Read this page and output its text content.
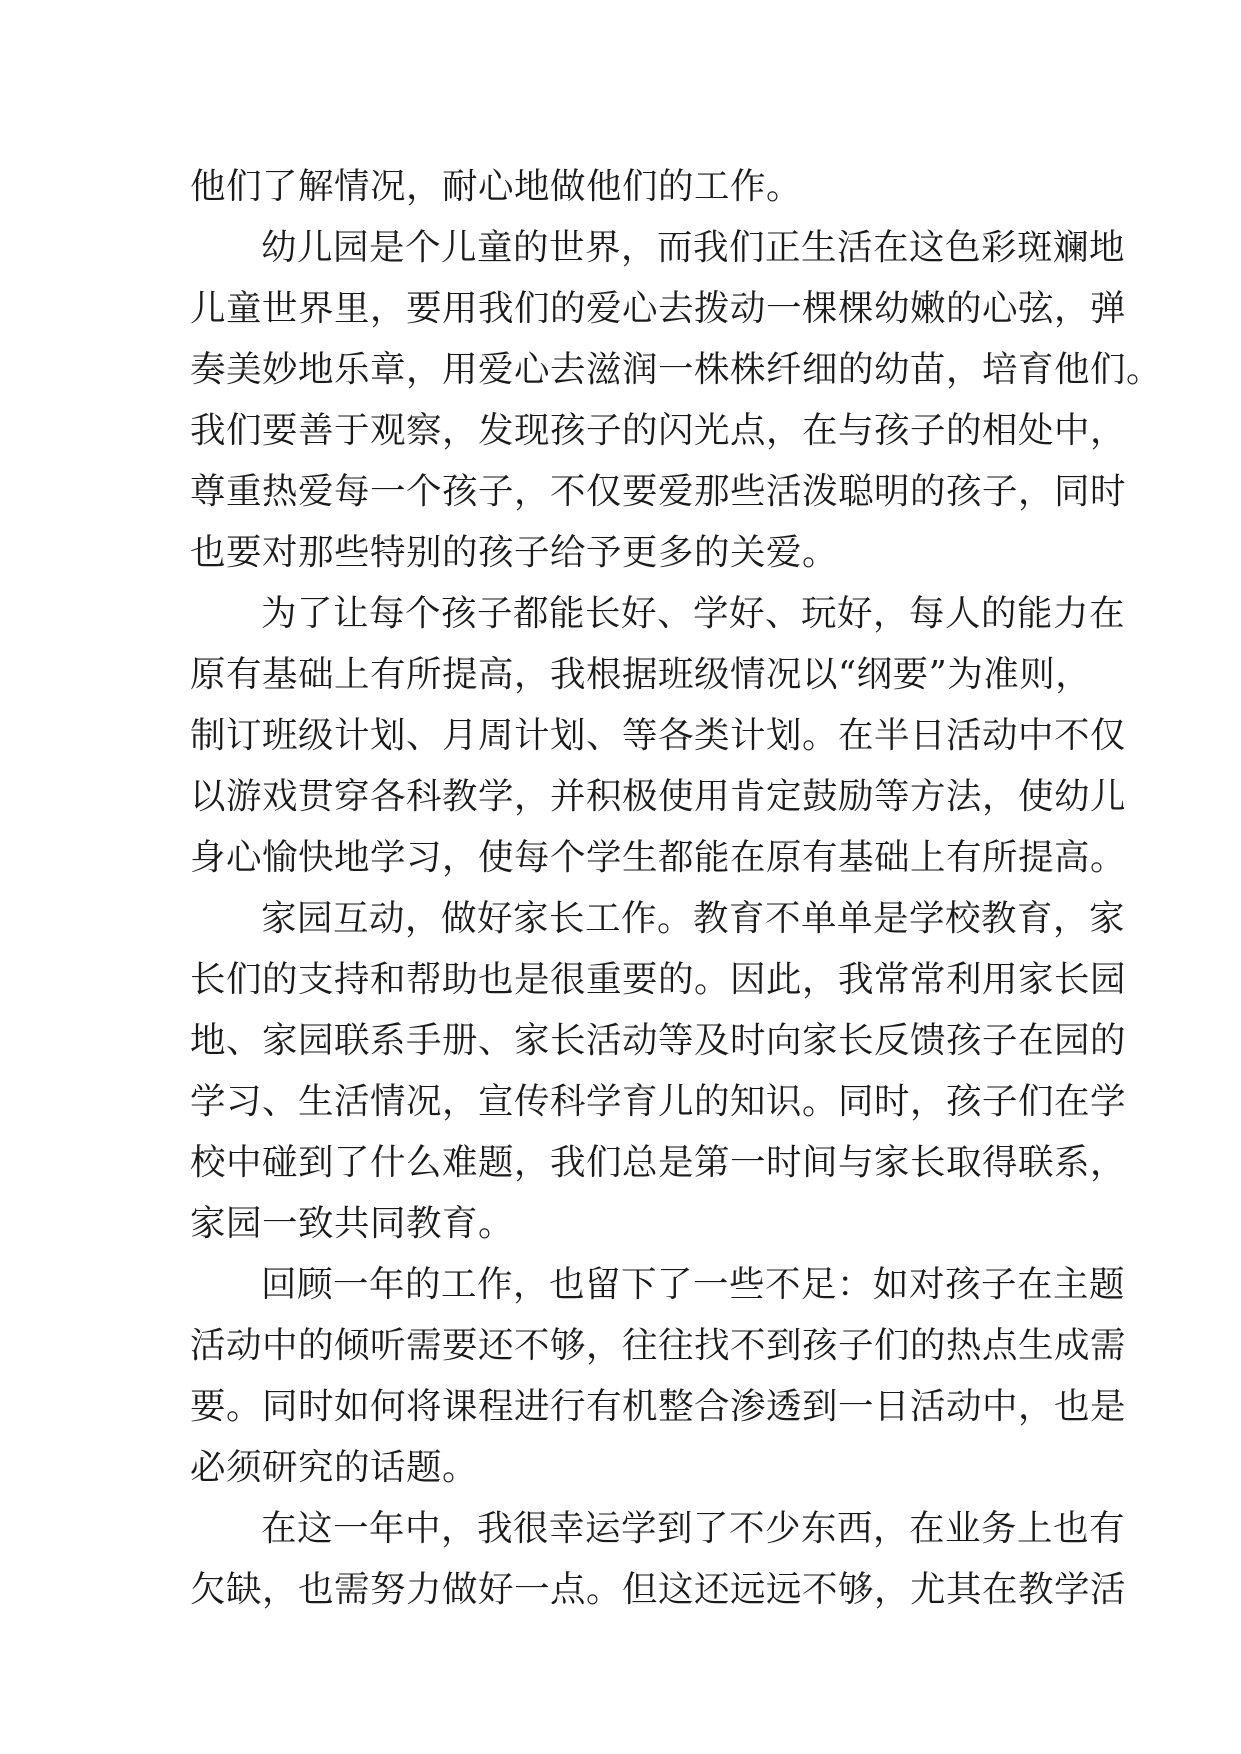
他们了解情况，耐心地做他们的工作。
幼儿园是个儿童的世界，而我们正生活在这色彩斑斓地
儿童世界里，要用我们的爱心去拨动一棵棵幼嫩的心弦，弹
奏美妙地乐章，用爱心去滋润一株株纤细的幼苗，培育他们。
我们要善于观察，发现孩子的闪光点，在与孩子的相处中，
尊重热爱每一个孩子，不仅要爱那些活泼聪明的孩子，同时
也要对那些特别的孩子给予更多的关爱。
为了让每个孩子都能长好、学好、玩好，每人的能力在
原有基础上有所提高，我根据班级情况以“纲要”为准则，
制订班级计划、月周计划、等各类计划。在半日活动中不仅
以游戏贯穿各科教学，并积极使用肯定鼓励等方法，使幼儿
身心愉快地学习，使每个学生都能在原有基础上有所提高。
家园互动，做好家长工作。教育不单单是学校教育，家
长们的支持和帮助也是很重要的。因此，我常常利用家长园
地、家园联系手册、家长活动等及时向家长反馈孩子在园的
学习、生活情况，宣传科学育儿的知识。同时，孩子们在学
校中碰到了什么难题，我们总是第一时间与家长取得联系，
家园一致共同教育。
回顾一年的工作，也留下了一些不足：如对孩子在主题
活动中的倾听需要还不够，往往找不到孩子们的热点生成需
要。同时如何将课程进行有机整合渗透到一日活动中，也是
必须研究的话题。
在这一年中，我很幸运学到了不少东西，在业务上也有
欠缺，也需努力做好一点。但这还远远不够，尤其在教学活
